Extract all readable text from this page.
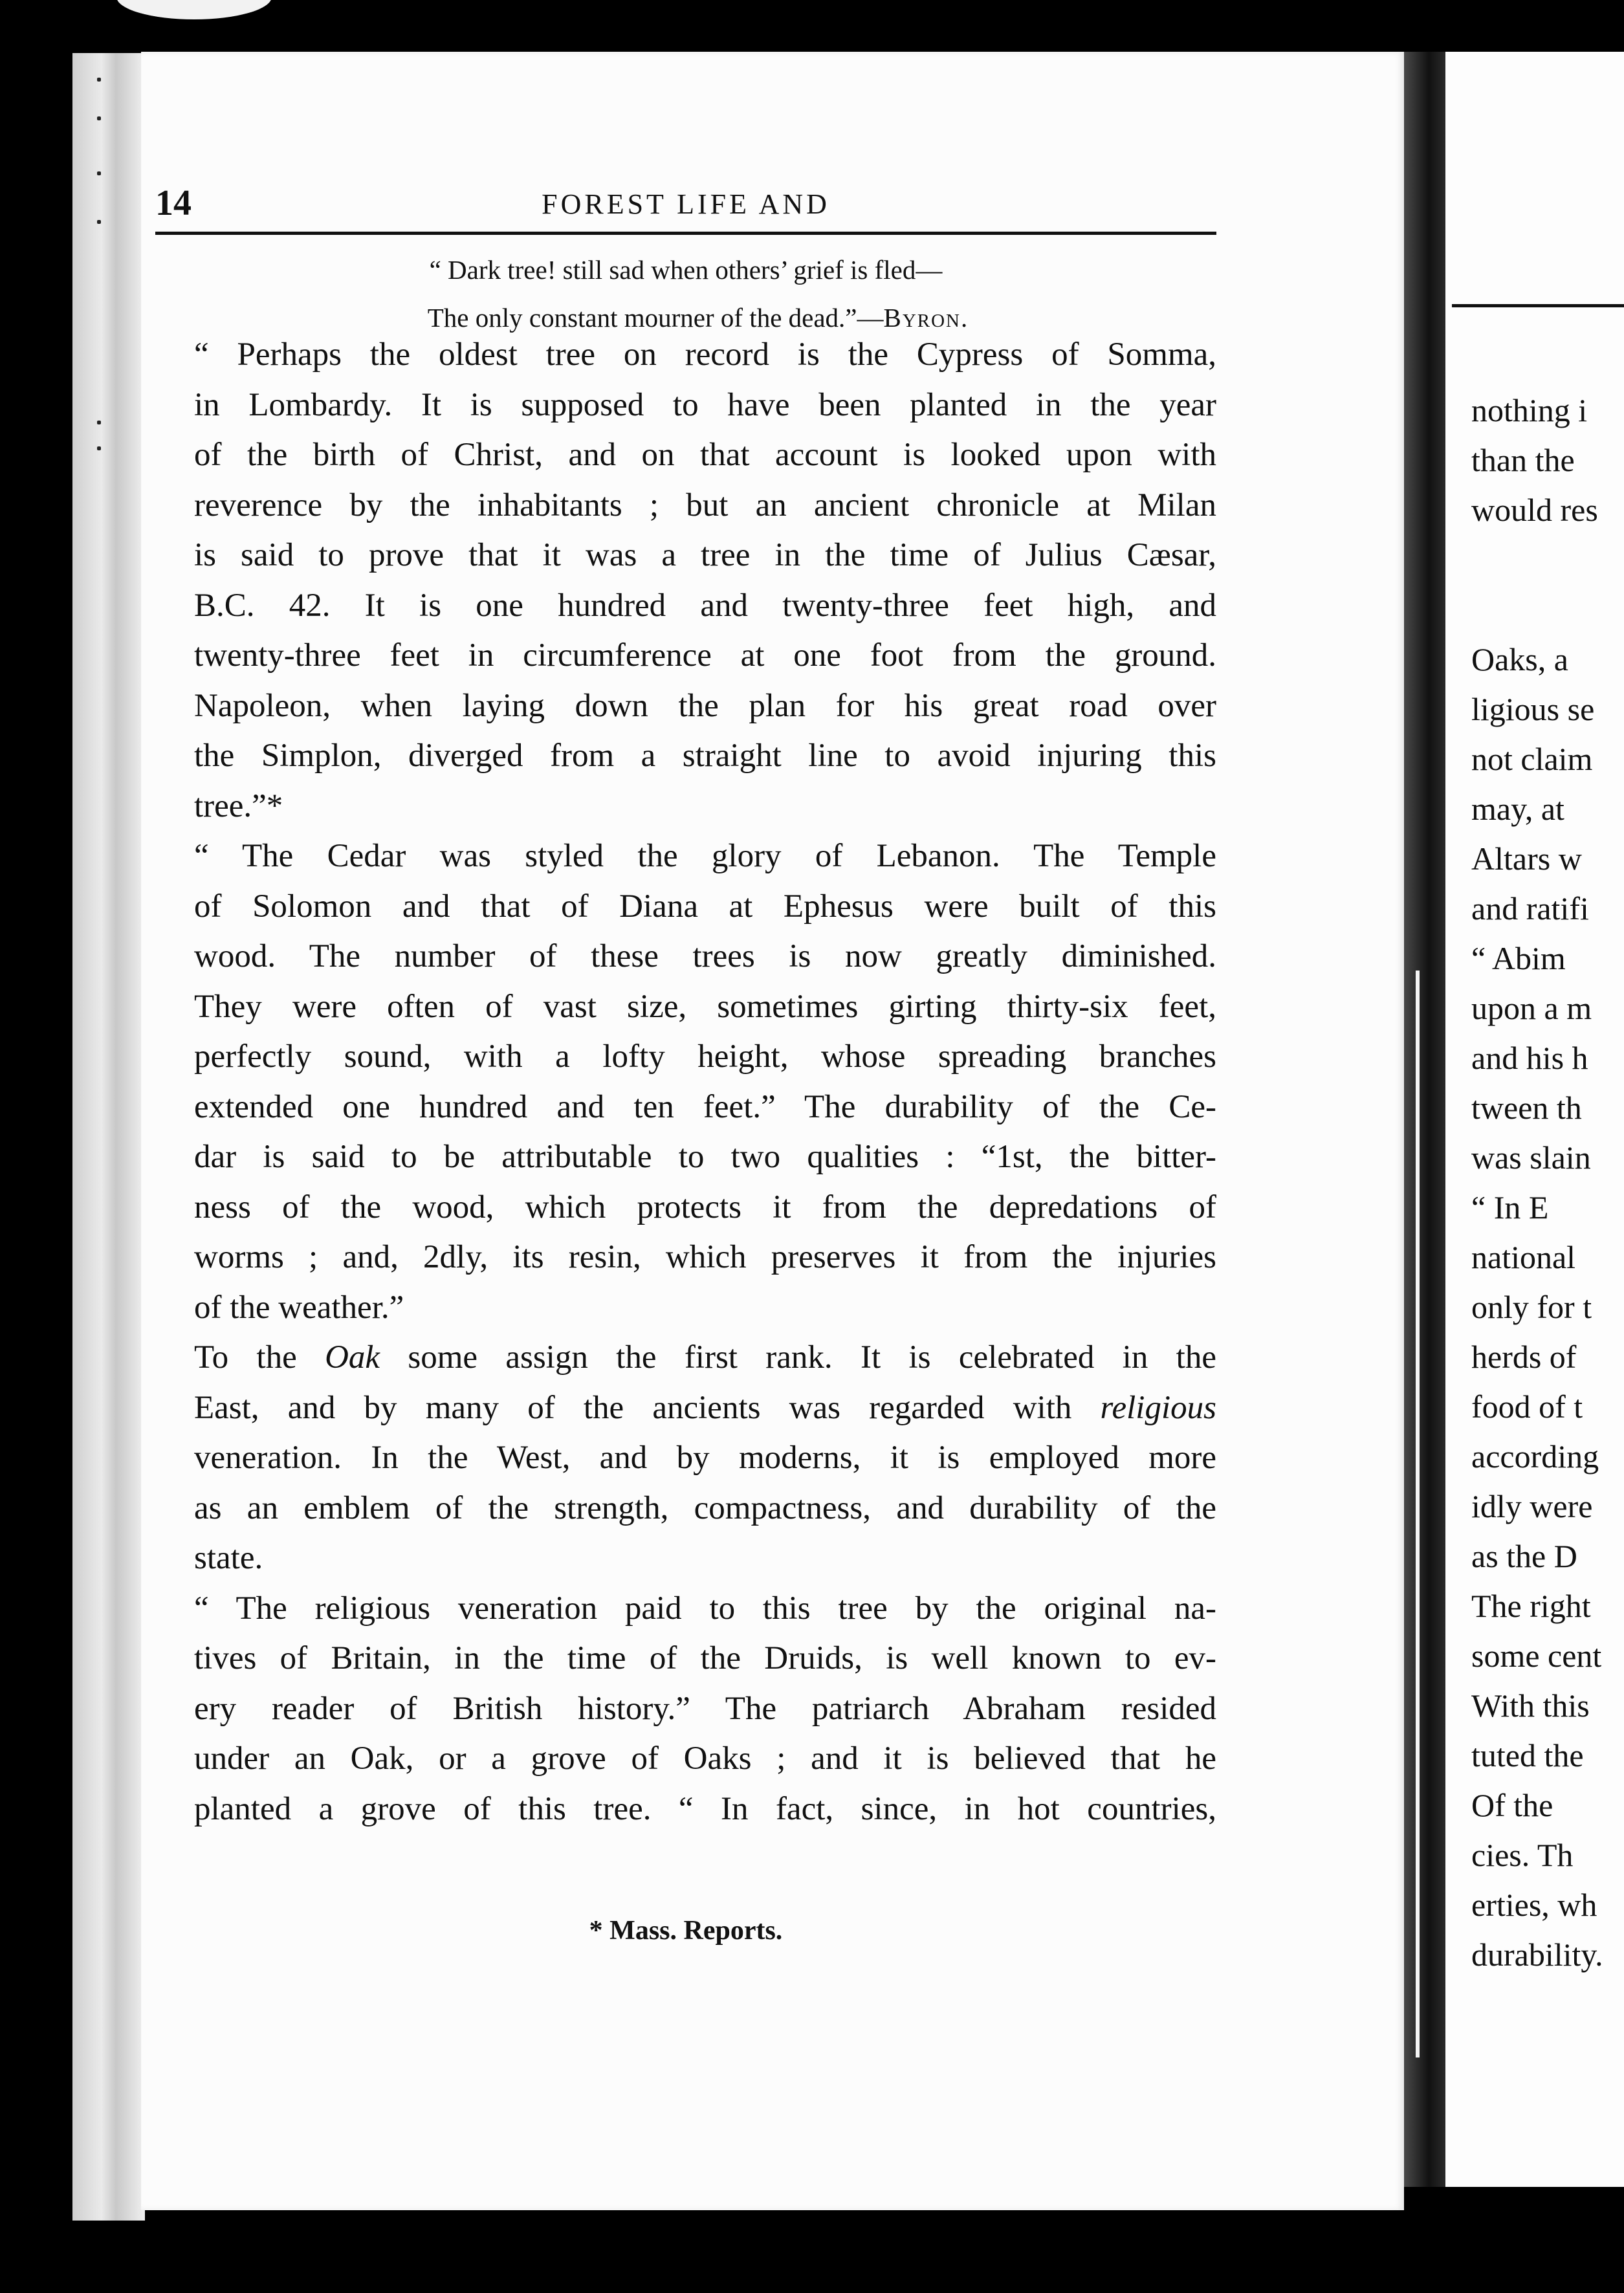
14	FOREST LIFE AND
“ Dark tree! still sad when others’ grief is fled—
The only constant mourner of the dead.”—Byron.
“ Perhaps the oldest tree on record is the Cypress of Somma,
in Lombardy. It is supposed to have been planted in the year
of the birth of Christ, and on that account is looked upon with
reverence by the inhabitants ; but an ancient chronicle at Milan
is said to prove that it was a tree in the time of Julius Cæsar,
B.C. 42. It is one hundred and twenty-three feet high, and
twenty-three feet in circumference at one foot from the ground.
Napoleon, when laying down the plan for his great road over
the Simplon, diverged from a straight line to avoid injuring this
tree.”*
“ The Cedar was styled the glory of Lebanon. The Temple
of Solomon and that of Diana at Ephesus were built of this
wood. The number of these trees is now greatly diminished.
They were often of vast size, sometimes girting thirty-six feet,
perfectly sound, with a lofty height, whose spreading branches
extended one hundred and ten feet.” The durability of the Ce-
dar is said to be attributable to two qualities : “1st, the bitter-
ness of the wood, which protects it from the depredations of
worms ; and, 2dly, its resin, which preserves it from the injuries
of the weather.”
To the Oak some assign the first rank. It is celebrated in the
East, and by many of the ancients was regarded with religious
veneration. In the West, and by moderns, it is employed more
as an emblem of the strength, compactness, and durability of the
state.
“ The religious veneration paid to this tree by the original na-
tives of Britain, in the time of the Druids, is well known to ev-
ery reader of British history.” The patriarch Abraham resided
under an Oak, or a grove of Oaks ; and it is believed that he
planted a grove of this tree. “ In fact, since, in hot countries,
* Mass. Reports.
nothing i
than the
would res
Oaks, a
ligious se
not claim
may, at
Altars w
and ratifi
“ Abim
upon a m
and his h
tween th
was slain
“ In E
national
only for t
herds of
food of t
according
idly were
as the D
The right
some cent
With this
tuted the
Of the
cies. Th
erties, wh
durability.
